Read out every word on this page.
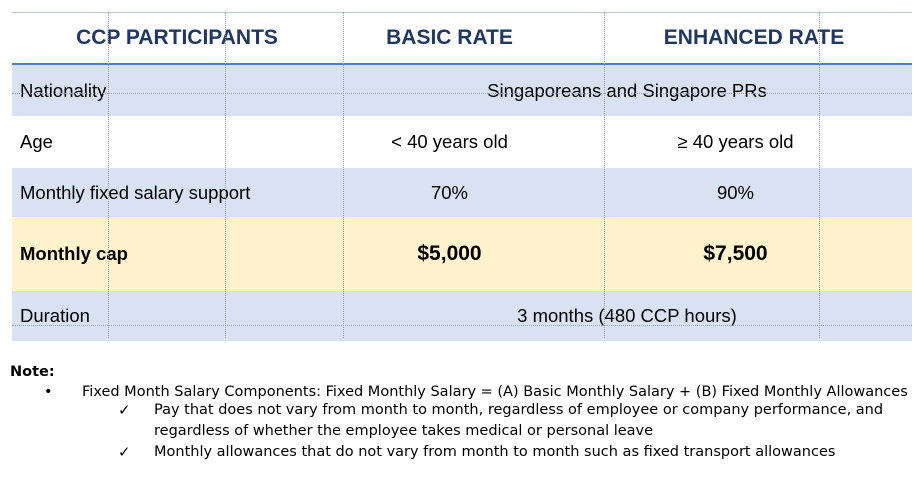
CCP PARTICIPANTS	BASIC RATE	ENHANCED RATE
Nationality	Singaporeans and Singapore PRs
Age	< 40 years old	≥ 40 years old
Monthly fixed salary support	70%	90%
Monthly cap	$5,000	$7,500
Duration	3 months (480 CCP hours)
Note:
•	Fixed Month Salary Components: Fixed Monthly Salary = (A) Basic Monthly Salary + (B) Fixed Monthly Allowances
✓	Pay that does not vary from month to month, regardless of employee or company performance, and regardless of whether the employee takes medical or personal leave
✓	Monthly allowances that do not vary from month to month such as fixed transport allowances
